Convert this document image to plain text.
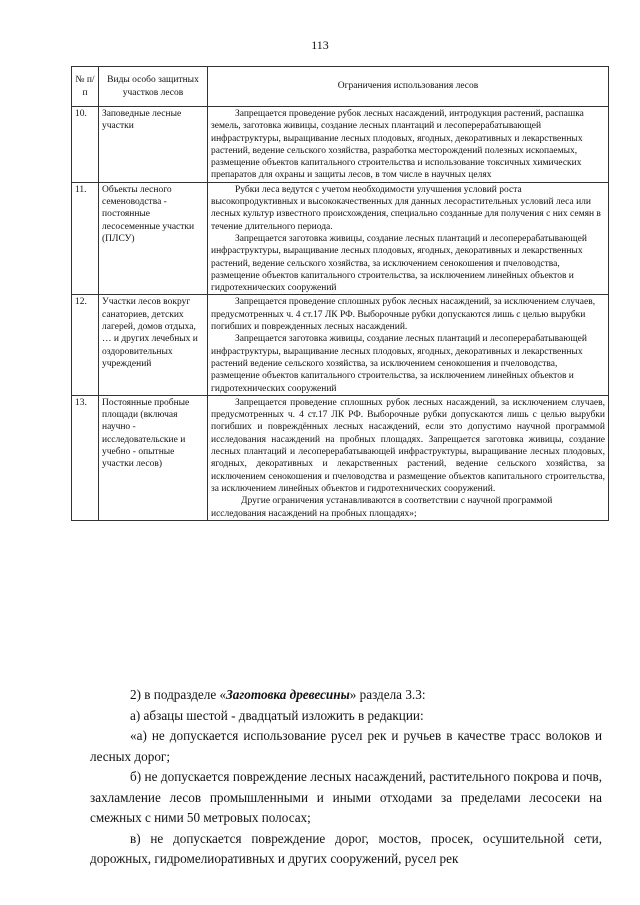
113
№ п/п	Виды особо защитных участков лесов	Ограничения использования лесов
10.	Заповедные лесные участки	Запрещается проведение рубок лесных насаждений, интродукция растений, распашка земель, заготовка живицы, создание лесных плантаций и лесоперерабатывающей инфраструктуры, выращивание лесных плодовых, ягодных, декоративных и лекарственных растений, ведение сельского хозяйства, разработка месторождений полезных ископаемых, размещение объектов капитального строительства и использование токсичных химических препаратов для охраны и защиты лесов, в том числе в научных целях

11.	Объекты лесного семеноводства - постоянные лесосеменные участки (ПЛСУ)	Рубки леса ведутся с учетом необходимости улучшения условий роста высокопродуктивных и высококачественных для данных лесорастительных условий леса или лесных культур известного происхождения, специально созданные для получения с них семян в течение длительного периода.

Запрещается заготовка живицы, создание лесных плантаций и лесоперерабатывающей инфраструктуры, выращивание лесных плодовых, ягодных, декоративных и лекарственных растений, ведение сельского хозяйства, за исключением сенокошения и пчеловодства, размещение объектов капитального строительства, за исключением линейных объектов и гидротехнических сооружений

12.	Участки лесов вокруг санаториев, детских лагерей, домов отдыха, … и других лечебных и оздоровительных учреждений	Запрещается проведение сплошных рубок лесных насаждений, за исключением случаев, предусмотренных ч. 4 ст.17 ЛК РФ. Выборочные рубки допускаются лишь с целью вырубки погибших и поврежденных лесных насаждений.

Запрещается заготовка живицы, создание лесных плантаций и лесоперерабатывающей инфраструктуры, выращивание лесных плодовых, ягодных, декоративных и лекарственных растений ведение сельского хозяйства, за исключением сенокошения и пчеловодства, размещение объектов капитального строительства, за исключением линейных объектов и гидротехнических сооружений

13.	Постоянные пробные площади (включая научно - исследовательские и учебно - опытные участки лесов)	Запрещается проведение сплошных рубок лесных насаждений, за исключением случаев, предусмотренных ч. 4 ст.17 ЛК РФ. Выборочные рубки допускаются лишь с целью вырубки погибших и повреждённых лесных насаждений, если это допустимо научной программой исследования насаждений на пробных площадях. Запрещается заготовка живицы, создание лесных плантаций и лесоперерабатывающей инфраструктуры, выращивание лесных плодовых, ягодных, декоративных и лекарственных растений, ведение сельского хозяйства, за исключением сенокошения и пчеловодства и размещение объектов капитального строительства, за исключением линейных объектов и гидротехнических сооружений.

Другие ограничения устанавливаются в соответствии с научной программой исследования насаждений на пробных площадях»;

2) в подразделе «Заготовка древесины» раздела 3.3:

а) абзацы шестой - двадцатый изложить в редакции:

«а) не допускается использование русел рек и ручьев в качестве трасс волоков и лесных дорог;

б) не допускается повреждение лесных насаждений, растительного покрова и почв, захламление лесов промышленными и иными отходами за пределами лесосеки на смежных с ними 50 метровых полосах;

в) не допускается повреждение дорог, мостов, просек, осушительной сети, дорожных, гидромелиоративных и других сооружений, русел рек
